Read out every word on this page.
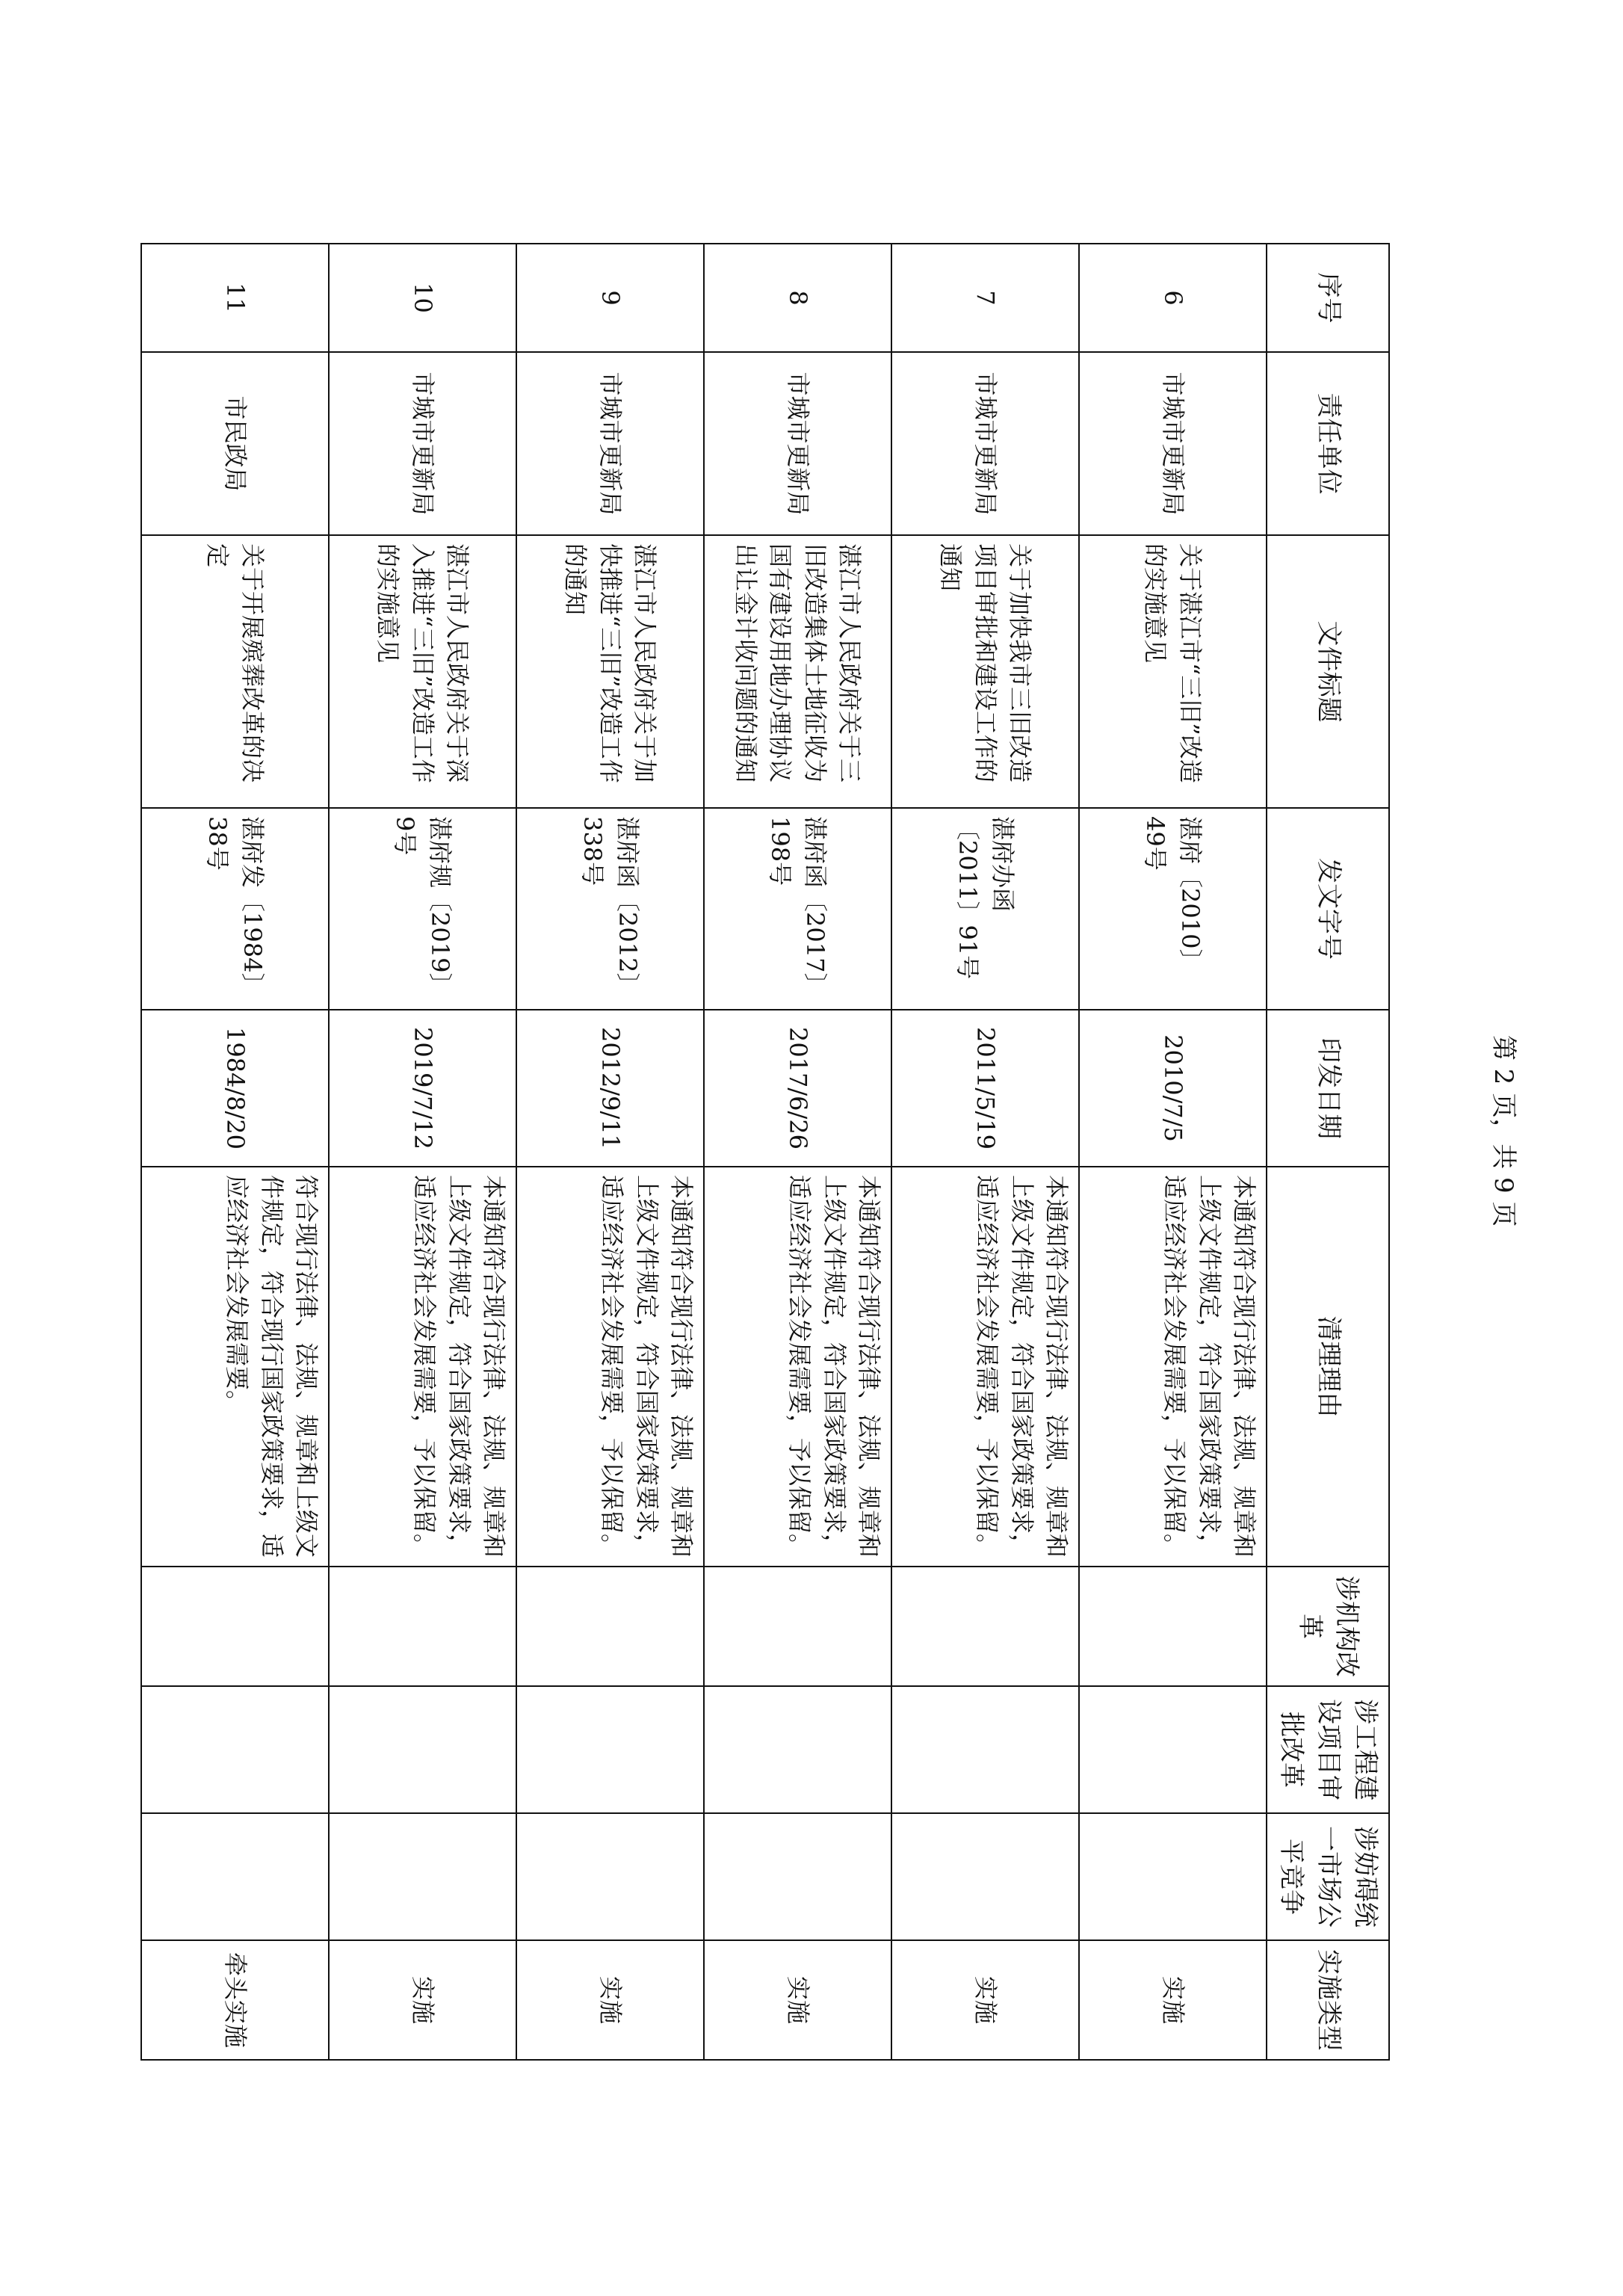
序号	责任单位	文件标题	发文字号	印发日期	清理理由	涉机构改革	涉工程建设项目审批改革	涉妨碍统一市场公平竞争	实施类型
6	市城市更新局	关于湛江市“三旧”改造的实施意见	湛府〔2010〕49号	2010/7/5	本通知符合现行法律、法规、规章和上级文件规定，符合国家政策要求，适应经济社会发展需要，予以保留。				实施
7	市城市更新局	关于加快我市三旧改造项目审批和建设工作的通知	湛府办函〔2011〕91号	2011/5/19	本通知符合现行法律、法规、规章和上级文件规定，符合国家政策要求，适应经济社会发展需要，予以保留。				实施
8	市城市更新局	湛江市人民政府关于三旧改造集体土地征收为国有建设用地办理协议出让金计收问题的通知	湛府函〔2017〕198号	2017/6/26	本通知符合现行法律、法规、规章和上级文件规定，符合国家政策要求，适应经济社会发展需要，予以保留。				实施
9	市城市更新局	湛江市人民政府关于加快推进“三旧”改造工作的通知	湛府函〔2012〕338号	2012/9/11	本通知符合现行法律、法规、规章和上级文件规定，符合国家政策要求，适应经济社会发展需要，予以保留。				实施
10	市城市更新局	湛江市人民政府关于深入推进“三旧”改造工作的实施意见	湛府规〔2019〕9号	2019/7/12	本通知符合现行法律、法规、规章和上级文件规定，符合国家政策要求，适应经济社会发展需要，予以保留。				实施
11	市民政局	关于开展殡葬改革的决定	湛府发〔1984〕38号	1984/8/20	符合现行法律、法规、规章和上级文件规定，符合现行国家政策要求，适应经济社会发展需要。				牵头实施
第 2 页，共 9 页
